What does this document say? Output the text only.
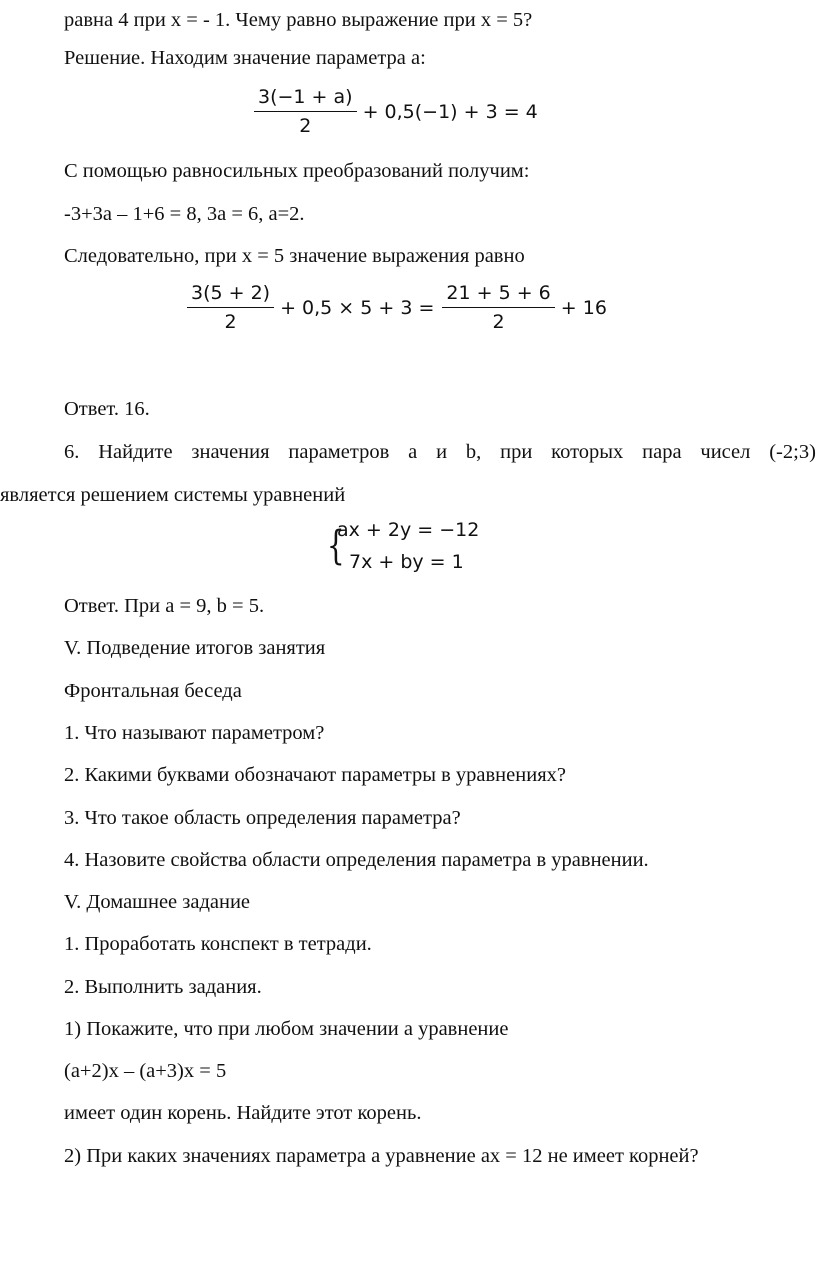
равна 4 при x = - 1. Чему равно выражение при x = 5?
Решение. Находим значение параметра а:
$\frac{3(-1 + a)}{2} + 0,5(-1) + 3 = 4$
С помощью равносильных преобразований получим:
-3+3а – 1+6 = 8, 3а = 6, а=2.
Следовательно, при x = 5 значение выражения равно
$\frac{3(5 + 2)}{2} + 0,5 \times 5 + 3 = \frac{21 + 5 + 6}{2} + 16$
Ответ. 16.
6. Найдите значения параметров a и b, при которых пара чисел (-2;3)
является решением системы уравнений
{
ax + 2y = −12
7x + by = 1
Ответ. При a = 9, b = 5.
V. Подведение итогов занятия
Фронтальная беседа
1. Что называют параметром?
2. Какими буквами обозначают параметры в уравнениях?
3. Что такое область определения параметра?
4. Назовите свойства области определения параметра в уравнении.
V. Домашнее задание
1. Проработать конспект в тетради.
2. Выполнить задания.
1) Покажите, что при любом значении a уравнение
(a+2)x – (a+3)x = 5
имеет один корень. Найдите этот корень.
2) При каких значениях параметра a уравнение ax = 12 не имеет корней?
